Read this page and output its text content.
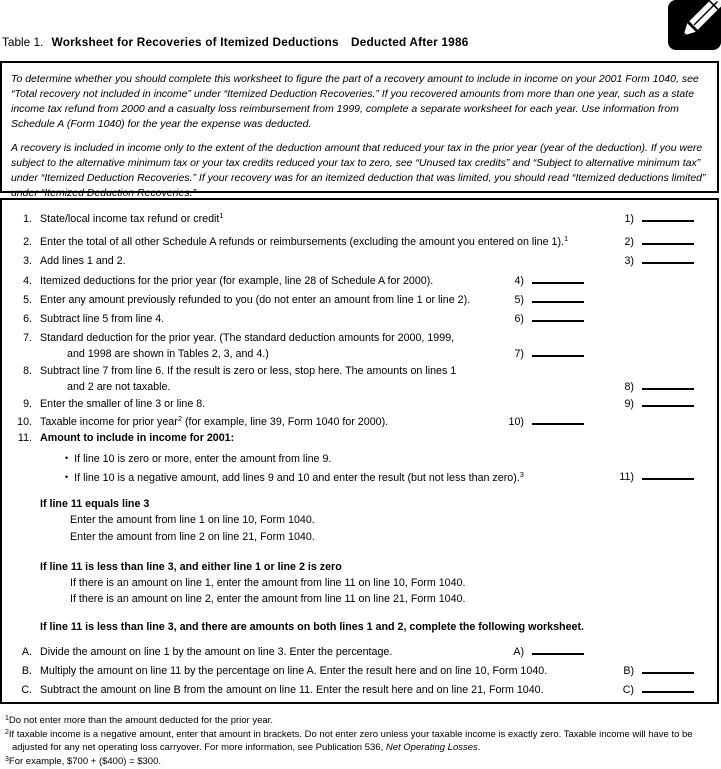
Table 1. Worksheet for Recoveries of Itemized Deductions Deducted After 1986

To determine whether you should complete this worksheet to figure the part of a recovery amount to include in income on your 2001 Form 1040, see “Total recovery not included in income” under “Itemized Deduction Recoveries.” If you recovered amounts from more than one year, such as a state income tax refund from 2000 and a casualty loss reimbursement from 1999, complete a separate worksheet for each year. Use information from Schedule A (Form 1040) for the year the expense was deducted.

A recovery is included in income only to the extent of the deduction amount that reduced your tax in the prior year (year of the deduction). If you were subject to the alternative minimum tax or your tax credits reduced your tax to zero, see “Unused tax credits” and “Subject to alternative minimum tax” under “Itemized Deduction Recoveries.” If your recovery was for an itemized deduction that was limited, you should read “Itemized deductions limited” under “Itemized Deduction Recoveries.”

1. State/local income tax refund or credit$^1$	1)
2. Enter the total of all other Schedule A refunds or reimbursements (excluding the amount you entered on line 1).$^1$	2)
3. Add lines 1 and 2.	3)
4. Itemized deductions for the prior year (for example, line 28 of Schedule A for 2000).	4)
5. Enter any amount previously refunded to you (do not enter an amount from line 1 or line 2).	5)
6. Subtract line 5 from line 4.	6)
7. Standard deduction for the prior year. (The standard deduction amounts for 2000, 1999,
and 1998 are shown in Tables 2, 3, and 4.)	7)
8. Subtract line 7 from line 6. If the result is zero or less, stop here. The amounts on lines 1
and 2 are not taxable.	8)
9. Enter the smaller of line 3 or line 8.	9)
10. Taxable income for prior year$^2$ (for example, line 39, Form 1040 for 2000).	10)
11. Amount to include in income for 2001:
• If line 10 is zero or more, enter the amount from line 9.
• If line 10 is a negative amount, add lines 9 and 10 and enter the result (but not less than zero).$^3$	11)
If line 11 equals line 3
Enter the amount from line 1 on line 10, Form 1040.
Enter the amount from line 2 on line 21, Form 1040.
If line 11 is less than line 3, and either line 1 or line 2 is zero
If there is an amount on line 1, enter the amount from line 11 on line 10, Form 1040.
If there is an amount on line 2, enter the amount from line 11 on line 21, Form 1040.
If line 11 is less than line 3, and there are amounts on both lines 1 and 2, complete the following worksheet.
A. Divide the amount on line 1 by the amount on line 3. Enter the percentage.	A)
B. Multiply the amount on line 11 by the percentage on line A. Enter the result here and on line 10, Form 1040.	B)
C. Subtract the amount on line B from the amount on line 11. Enter the result here and on line 21, Form 1040.	C)
$^1$Do not enter more than the amount deducted for the prior year.
$^2$If taxable income is a negative amount, enter that amount in brackets. Do not enter zero unless your taxable income is exactly zero. Taxable income will have to be adjusted for any net operating loss carryover. For more information, see Publication 536, Net Operating Losses.
$^3$For example, $700 + ($400) = $300.
